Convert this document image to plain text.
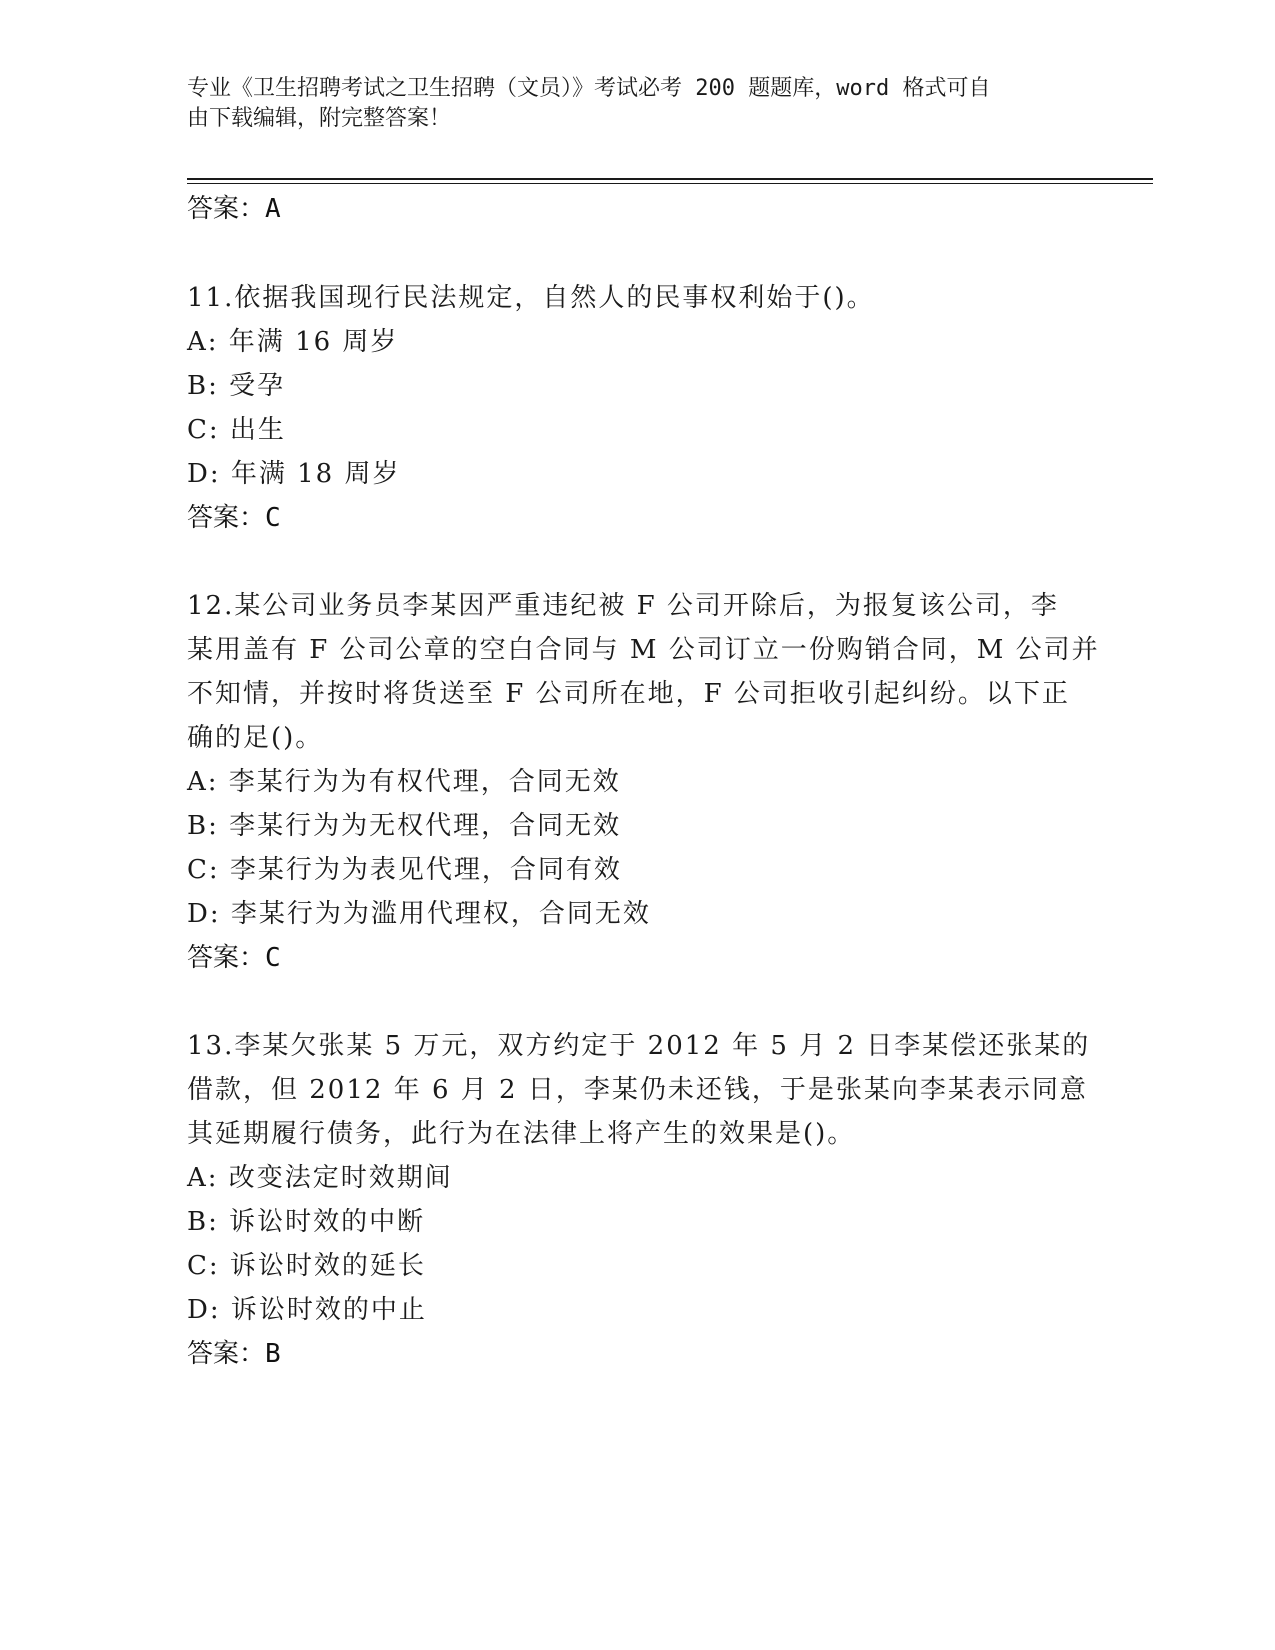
专业《卫生招聘考试之卫生招聘（文员）》考试必考 200 题题库，word 格式可自
由下载编辑，附完整答案！
答案：A
11.依据我国现行民法规定，自然人的民事权利始于()。
A: 年满 16 周岁
B: 受孕
C: 出生
D: 年满 18 周岁
答案：C
12.某公司业务员李某因严重违纪被 F 公司开除后，为报复该公司，李
某用盖有 F 公司公章的空白合同与 M 公司订立一份购销合同，M 公司并
不知情，并按时将货送至 F 公司所在地，F 公司拒收引起纠纷。以下正
确的足()。
A: 李某行为为有权代理，合同无效
B: 李某行为为无权代理，合同无效
C: 李某行为为表见代理，合同有效
D: 李某行为为滥用代理权，合同无效
答案：C
13.李某欠张某 5 万元，双方约定于 2012 年 5 月 2 日李某偿还张某的
借款，但 2012 年 6 月 2 日，李某仍未还钱，于是张某向李某表示同意
其延期履行债务，此行为在法律上将产生的效果是()。
A: 改变法定时效期间
B: 诉讼时效的中断
C: 诉讼时效的延长
D: 诉讼时效的中止
答案：B
